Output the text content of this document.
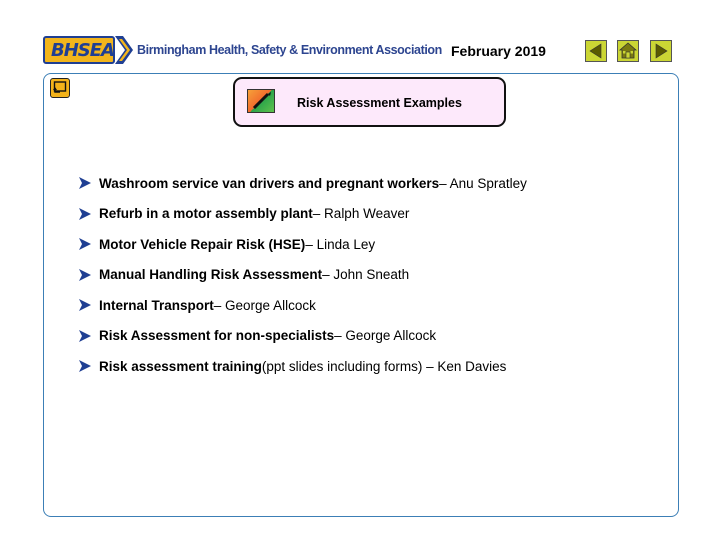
BHSEA Birmingham Health, Safety & Environment Association February 2019
Risk Assessment Examples
Washroom service van drivers and pregnant workers – Anu Spratley
Refurb in a motor assembly plant – Ralph Weaver
Motor Vehicle Repair Risk (HSE) – Linda Ley
Manual Handling Risk Assessment – John Sneath
Internal Transport – George Allcock
Risk Assessment for non-specialists – George Allcock
Risk assessment training (ppt slides including forms) – Ken Davies
